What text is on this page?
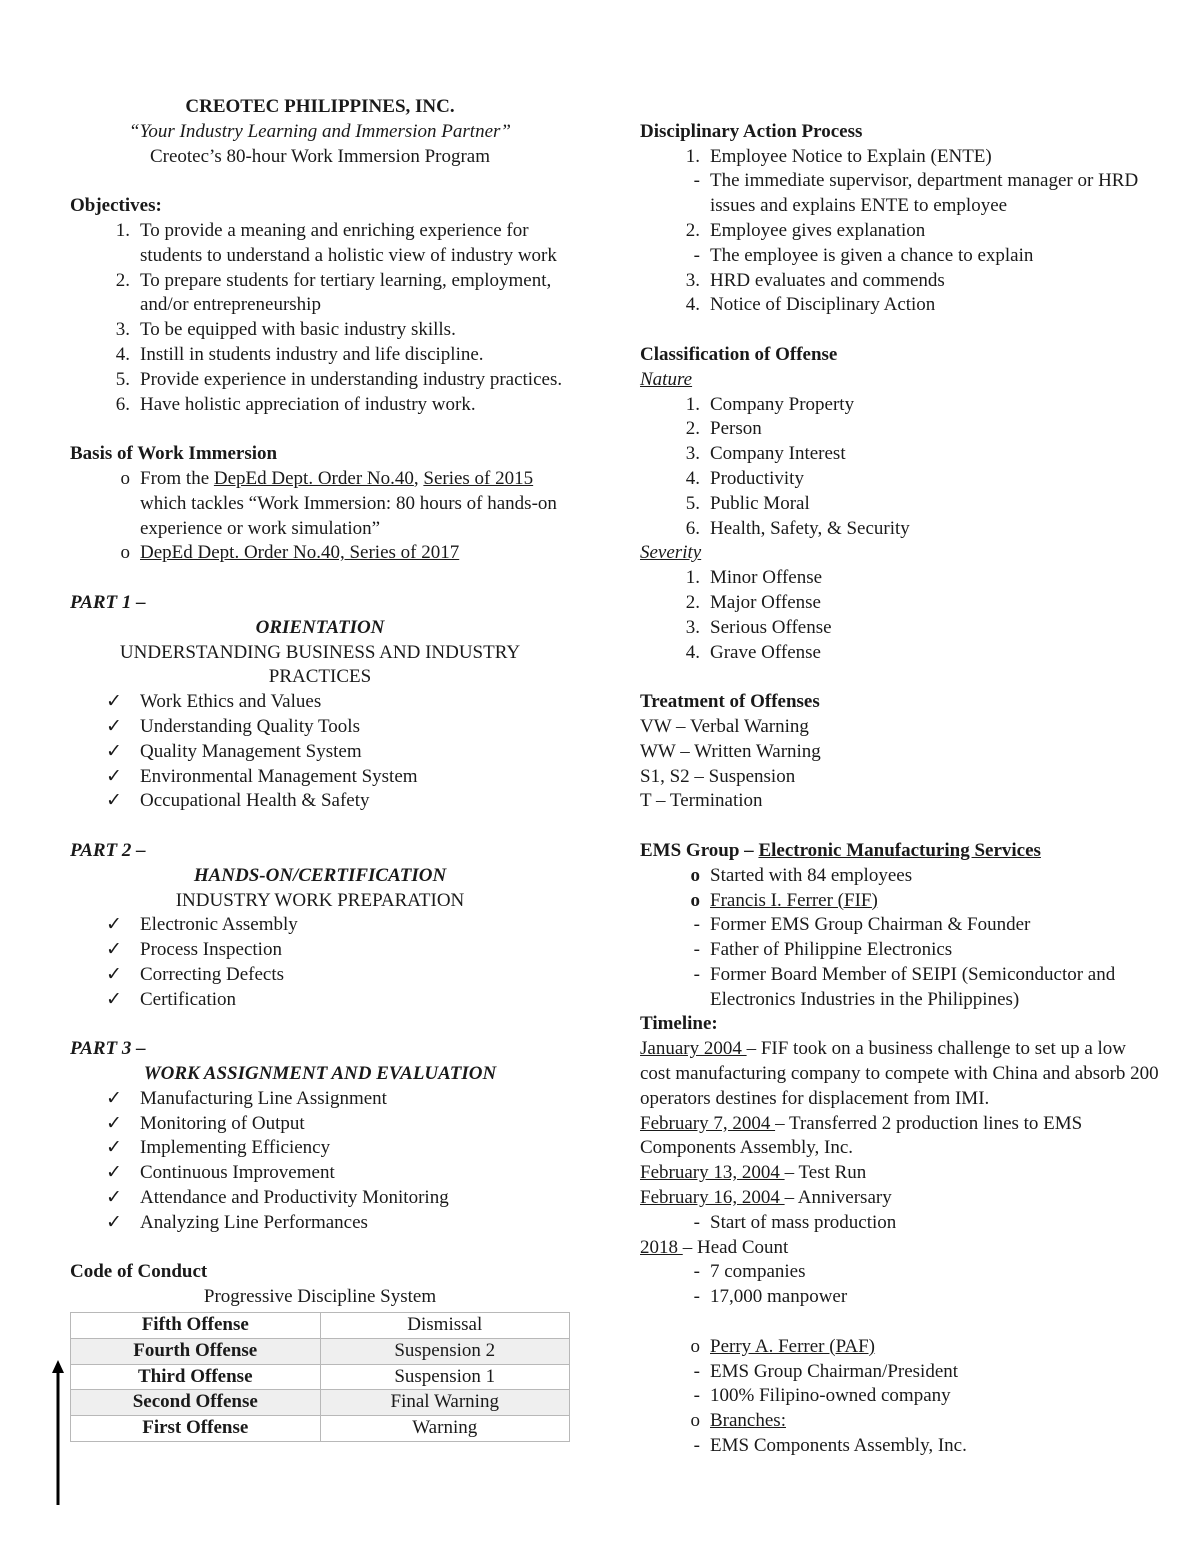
CREOTEC PHILIPPINES, INC.
“Your Industry Learning and Immersion Partner”
Creotec’s 80-hour Work Immersion Program
Objectives:
1. To provide a meaning and enriching experience for students to understand a holistic view of industry work
2. To prepare students for tertiary learning, employment, and/or entrepreneurship
3. To be equipped with basic industry skills.
4. Instill in students industry and life discipline.
5. Provide experience in understanding industry practices.
6. Have holistic appreciation of industry work.
Basis of Work Immersion
o From the DepEd Dept. Order No.40, Series of 2015 which tackles “Work Immersion: 80 hours of hands-on experience or work simulation”
o DepEd Dept. Order No.40, Series of 2017
PART 1 –
ORIENTATION
UNDERSTANDING BUSINESS AND INDUSTRY PRACTICES
✓ Work Ethics and Values
✓ Understanding Quality Tools
✓ Quality Management System
✓ Environmental Management System
✓ Occupational Health & Safety
PART 2 –
HANDS-ON/CERTIFICATION
INDUSTRY WORK PREPARATION
✓ Electronic Assembly
✓ Process Inspection
✓ Correcting Defects
✓ Certification
PART 3 –
WORK ASSIGNMENT AND EVALUATION
✓ Manufacturing Line Assignment
✓ Monitoring of Output
✓ Implementing Efficiency
✓ Continuous Improvement
✓ Attendance and Productivity Monitoring
✓ Analyzing Line Performances
Code of Conduct
Progressive Discipline System
Fifth Offense	Dismissal
Fourth Offense	Suspension 2
Third Offense	Suspension 1
Second Offense	Final Warning
First Offense	Warning
Disciplinary Action Process
1. Employee Notice to Explain (ENTE)
- The immediate supervisor, department manager or HRD issues and explains ENTE to employee
2. Employee gives explanation
- The employee is given a chance to explain
3. HRD evaluates and commends
4. Notice of Disciplinary Action
Classification of Offense
Nature
1. Company Property
2. Person
3. Company Interest
4. Productivity
5. Public Moral
6. Health, Safety, & Security
Severity
1. Minor Offense
2. Major Offense
3. Serious Offense
4. Grave Offense
Treatment of Offenses
VW – Verbal Warning
WW – Written Warning
S1, S2 – Suspension
T – Termination
EMS Group – Electronic Manufacturing Services
o Started with 84 employees
o Francis I. Ferrer (FIF)
- Former EMS Group Chairman & Founder
- Father of Philippine Electronics
- Former Board Member of SEIPI (Semiconductor and Electronics Industries in the Philippines)
Timeline:
January 2004 – FIF took on a business challenge to set up a low cost manufacturing company to compete with China and absorb 200 operators destines for displacement from IMI.
February 7, 2004 – Transferred 2 production lines to EMS Components Assembly, Inc.
February 13, 2004 – Test Run
February 16, 2004 – Anniversary
- Start of mass production
2018 – Head Count
- 7 companies
- 17,000 manpower
o Perry A. Ferrer (PAF)
- EMS Group Chairman/President
- 100% Filipino-owned company
o Branches:
- EMS Components Assembly, Inc.
